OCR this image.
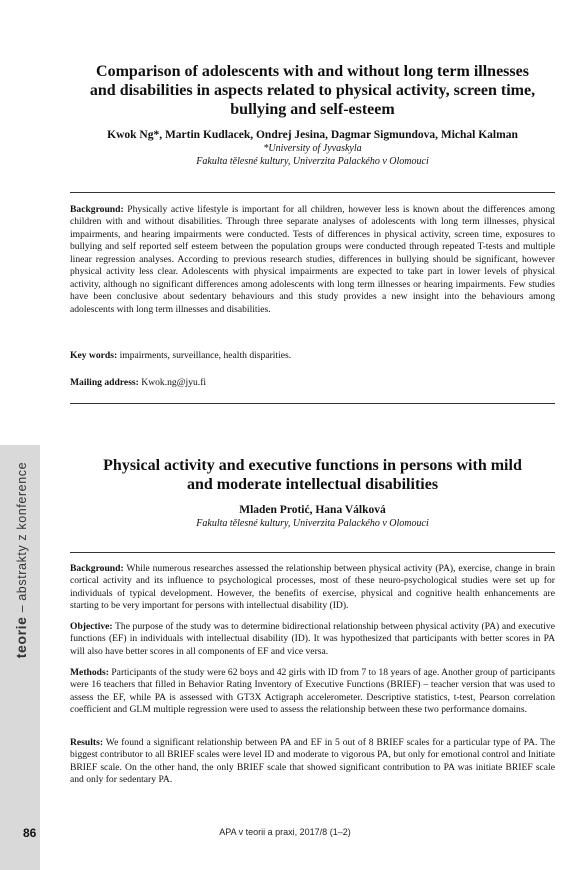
Comparison of adolescents with and without long term illnesses
and disabilities in aspects related to physical activity, screen time,
bullying and self-esteem
Kwok Ng*, Martin Kudlacek, Ondrej Jesina, Dagmar Sigmundova, Michal Kalman
*University of Jyvaskyla
Fakulta tělesné kultury, Univerzita Palackého v Olomouci

Background: Physically active lifestyle is important for all children, however less is known about the differences among children with and without disabilities. Through three separate analyses of adolescents with long term illnesses, physical impairments, and hearing impairments were conducted. Tests of differences in physical activity, screen time, exposures to bullying and self reported self esteem between the population groups were conducted through repeated T-tests and multiple linear regression analyses. According to previous research studies, differences in bullying should be significant, however physical activity less clear. Adolescents with physical impairments are expected to take part in lower levels of physical activity, although no significant differences among adolescents with long term illnesses or hearing impairments. Few studies have been conclusive about sedentary behaviours and this study provides a new insight into the behaviours among adolescents with long term illnesses and disabilities.

Key words: impairments, surveillance, health disparities.

Mailing address: Kwok.ng@jyu.fi

Physical activity and executive functions in persons with mild
and moderate intellectual disabilities
Mladen Protić, Hana Válková
Fakulta tělesné kultury, Univerzita Palackého v Olomouci

Background: While numerous researches assessed the relationship between physical activity (PA), exercise, change in brain cortical activity and its influence to psychological processes, most of these neuro-psychological studies were set up for individuals of typical development. However, the benefits of exercise, physical and cognitive health enhancements are starting to be very important for persons with intellectual disability (ID).

Objective: The purpose of the study was to determine bidirectional relationship between physical activity (PA) and executive functions (EF) in individuals with intellectual disability (ID). It was hypothesized that participants with better scores in PA will also have better scores in all components of EF and vice versa.

Methods: Participants of the study were 62 boys and 42 girls with ID from 7 to 18 years of age. Another group of participants were 16 teachers that filled in Behavior Rating Inventory of Executive Functions (BRIEF) – teacher version that was used to assess the EF, while PA is assessed with GT3X Actigraph accelerometer. Descriptive statistics, t-test, Pearson correlation coefficient and GLM multiple regression were used to assess the relationship between these two performance domains.

Results: We found a significant relationship between PA and EF in 5 out of 8 BRIEF scales for a particular type of PA. The biggest contributor to all BRIEF scales were level ID and moderate to vigorous PA, but only for emotional control and Initiate BRIEF scale. On the other hand, the only BRIEF scale that showed significant contribution to PA was initiate BRIEF scale and only for sedentary PA.

teorie – abstrakty z konference
86	APA v teorii a praxi, 2017/8 (1–2)
